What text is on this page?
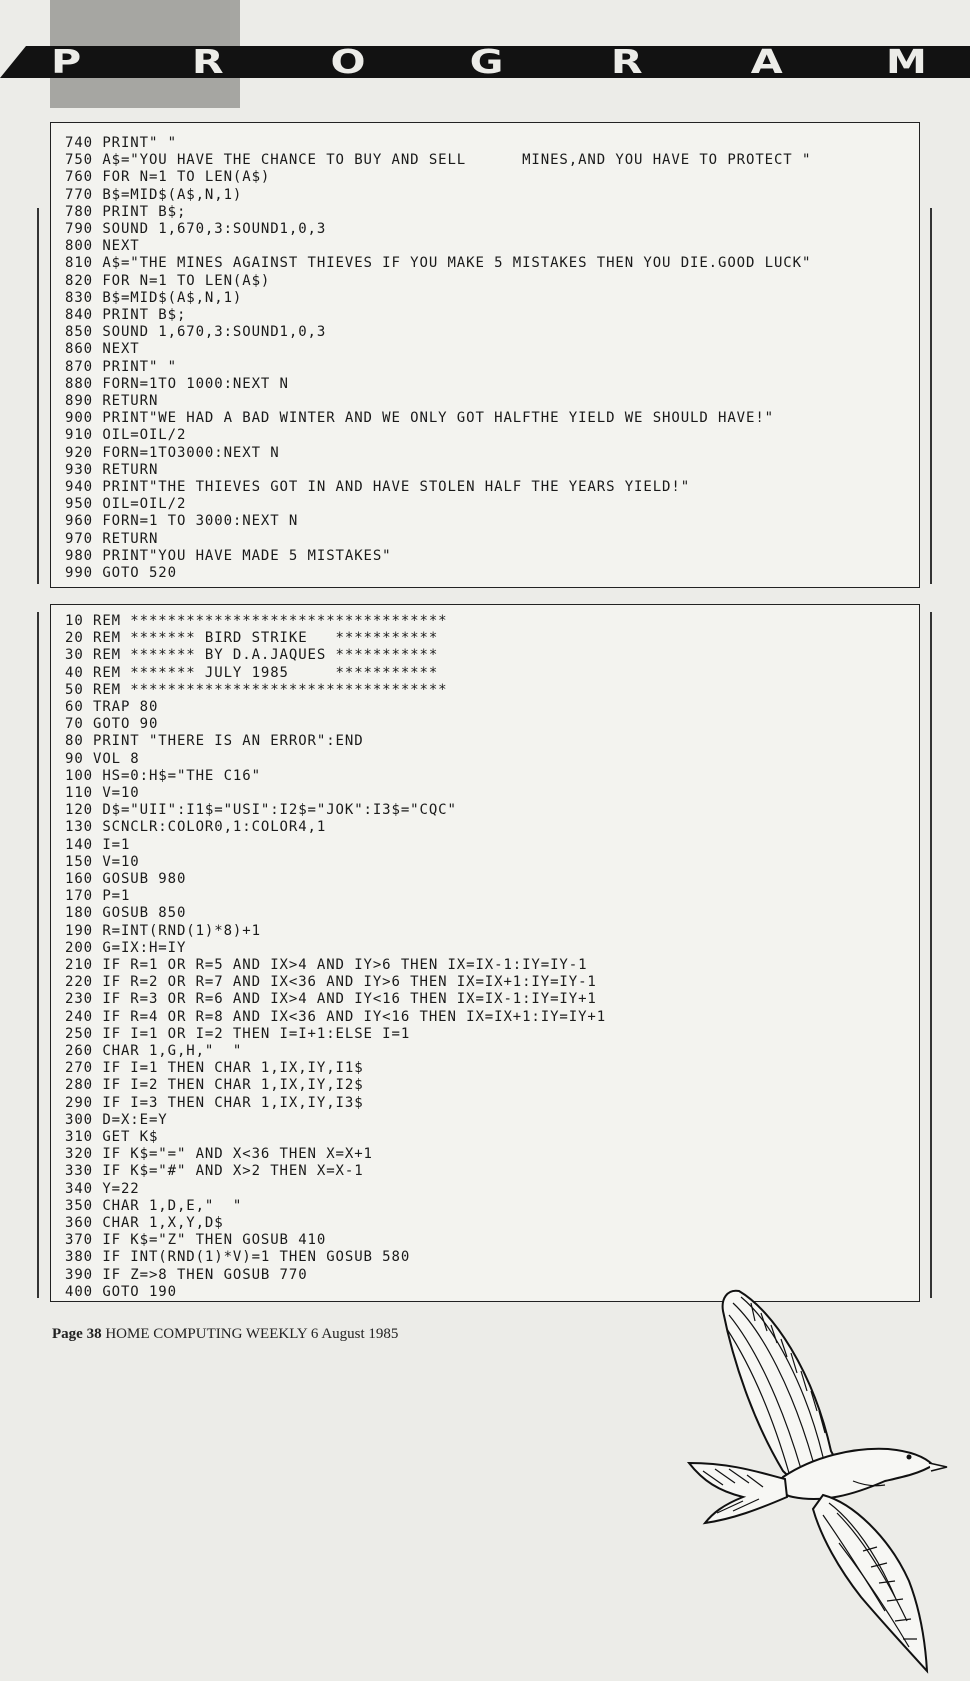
P	R	O	G	R	A	M
740 PRINT" "
750 A$="YOU HAVE THE CHANCE TO BUY AND SELL      MINES,AND YOU HAVE TO PROTECT "
760 FOR N=1 TO LEN(A$)
770 B$=MID$(A$,N,1)
780 PRINT B$;
790 SOUND 1,670,3:SOUND1,0,3
800 NEXT
810 A$="THE MINES AGAINST THIEVES IF YOU MAKE 5 MISTAKES THEN YOU DIE.GOOD LUCK"
820 FOR N=1 TO LEN(A$)
830 B$=MID$(A$,N,1)
840 PRINT B$;
850 SOUND 1,670,3:SOUND1,0,3
860 NEXT
870 PRINT" "
880 FORN=1TO 1000:NEXT N
890 RETURN
900 PRINT"WE HAD A BAD WINTER AND WE ONLY GOT HALFTHE YIELD WE SHOULD HAVE!"
910 OIL=OIL/2
920 FORN=1TO3000:NEXT N
930 RETURN
940 PRINT"THE THIEVES GOT IN AND HAVE STOLEN HALF THE YEARS YIELD!"
950 OIL=OIL/2
960 FORN=1 TO 3000:NEXT N
970 RETURN
980 PRINT"YOU HAVE MADE 5 MISTAKES"
990 GOTO 520
10 REM **********************************
20 REM ******* BIRD STRIKE   ***********
30 REM ******* BY D.A.JAQUES ***********
40 REM ******* JULY 1985     ***********
50 REM **********************************
60 TRAP 80
70 GOTO 90
80 PRINT "THERE IS AN ERROR":END
90 VOL 8
100 HS=0:H$="THE C16"
110 V=10
120 D$="UII":I1$="USI":I2$="JOK":I3$="CQC"
130 SCNCLR:COLOR0,1:COLOR4,1
140 I=1
150 V=10
160 GOSUB 980
170 P=1
180 GOSUB 850
190 R=INT(RND(1)*8)+1
200 G=IX:H=IY
210 IF R=1 OR R=5 AND IX>4 AND IY>6 THEN IX=IX-1:IY=IY-1
220 IF R=2 OR R=7 AND IX<36 AND IY>6 THEN IX=IX+1:IY=IY-1
230 IF R=3 OR R=6 AND IX>4 AND IY<16 THEN IX=IX-1:IY=IY+1
240 IF R=4 OR R=8 AND IX<36 AND IY<16 THEN IX=IX+1:IY=IY+1
250 IF I=1 OR I=2 THEN I=I+1:ELSE I=1
260 CHAR 1,G,H,"  "
270 IF I=1 THEN CHAR 1,IX,IY,I1$
280 IF I=2 THEN CHAR 1,IX,IY,I2$
290 IF I=3 THEN CHAR 1,IX,IY,I3$
300 D=X:E=Y
310 GET K$
320 IF K$="=" AND X<36 THEN X=X+1
330 IF K$="#" AND X>2 THEN X=X-1
340 Y=22
350 CHAR 1,D,E,"  "
360 CHAR 1,X,Y,D$
370 IF K$="Z" THEN GOSUB 410
380 IF INT(RND(1)*V)=1 THEN GOSUB 580
390 IF Z=>8 THEN GOSUB 770
400 GOTO 190
Page 38 HOME COMPUTING WEEKLY 6 August 1985
